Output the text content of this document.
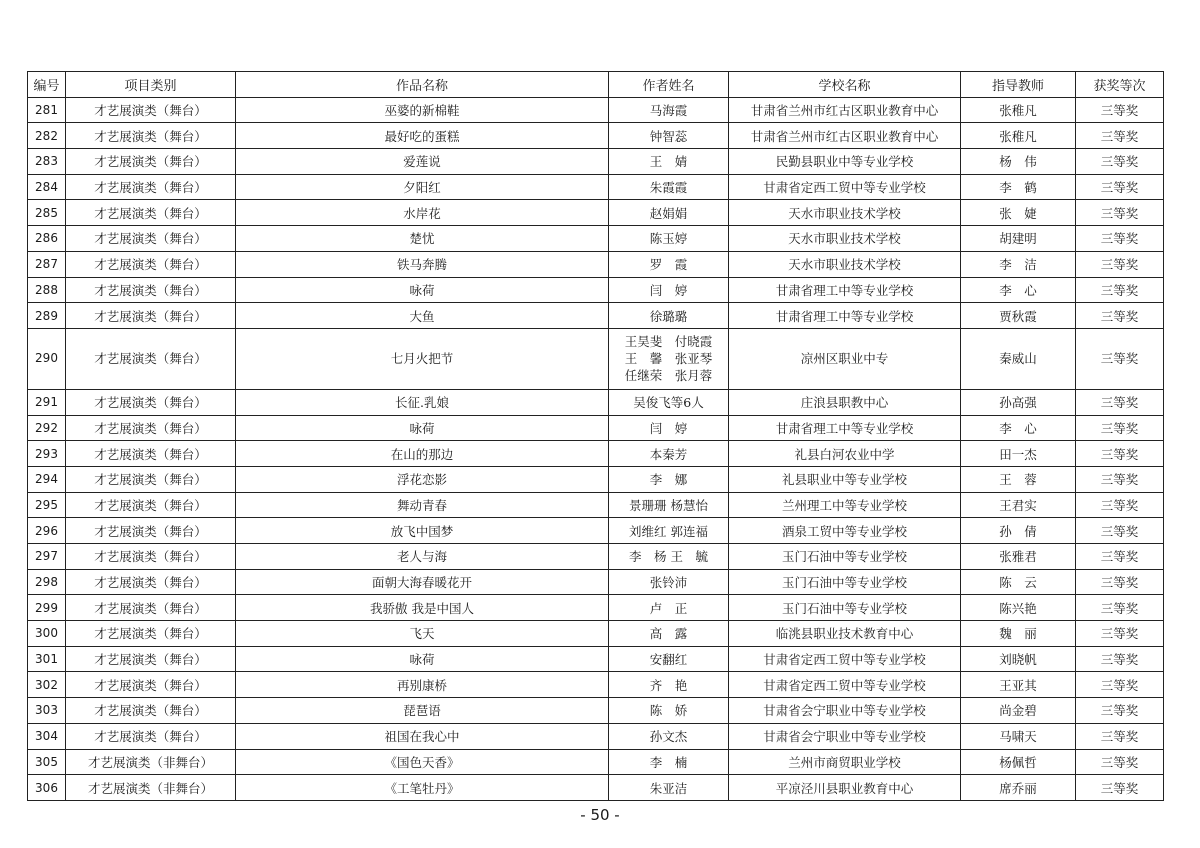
编号	项目类别	作品名称	作者姓名	学校名称	指导教师	获奖等次
281	才艺展演类（舞台）	巫婆的新棉鞋	马海霞	甘肃省兰州市红古区职业教育中心	张稚凡	三等奖
282	才艺展演类（舞台）	最好吃的蛋糕	钟智蕊	甘肃省兰州市红古区职业教育中心	张稚凡	三等奖
283	才艺展演类（舞台）	爱莲说	王　婧	民勤县职业中等专业学校	杨　伟	三等奖
284	才艺展演类（舞台）	夕阳红	朱霞霞	甘肃省定西工贸中等专业学校	李　鹤	三等奖
285	才艺展演类（舞台）	水岸花	赵娟娟	天水市职业技术学校	张　婕	三等奖
286	才艺展演类（舞台）	楚忧	陈玉婷	天水市职业技术学校	胡建明	三等奖
287	才艺展演类（舞台）	铁马奔腾	罗　霞	天水市职业技术学校	李　洁	三等奖
288	才艺展演类（舞台）	咏荷	闫　婷	甘肃省理工中等专业学校	李　心	三等奖
289	才艺展演类（舞台）	大鱼	徐璐璐	甘肃省理工中等专业学校	贾秋霞	三等奖
290	才艺展演类（舞台）	七月火把节	王昊斐　付晓霞
王　馨　张亚琴
任继荣　张月蓉	凉州区职业中专	秦威山	三等奖
291	才艺展演类（舞台）	长征.乳娘	吴俊飞等6人	庄浪县职教中心	孙高强	三等奖
292	才艺展演类（舞台）	咏荷	闫　婷	甘肃省理工中等专业学校	李　心	三等奖
293	才艺展演类（舞台）	在山的那边	本秦芳	礼县白河农业中学	田一杰	三等奖
294	才艺展演类（舞台）	浮花恋影	李　娜	礼县职业中等专业学校	王　蓉	三等奖
295	才艺展演类（舞台）	舞动青春	景珊珊 杨慧怡	兰州理工中等专业学校	王君实	三等奖
296	才艺展演类（舞台）	放飞中国梦	刘维红 郭连福	酒泉工贸中等专业学校	孙　倩	三等奖
297	才艺展演类（舞台）	老人与海	李　杨 王　毓	玉门石油中等专业学校	张雅君	三等奖
298	才艺展演类（舞台）	面朝大海春暖花开	张铃沛	玉门石油中等专业学校	陈　云	三等奖
299	才艺展演类（舞台）	我骄傲 我是中国人	卢　正	玉门石油中等专业学校	陈兴艳	三等奖
300	才艺展演类（舞台）	飞天	高　露	临洮县职业技术教育中心	魏　丽	三等奖
301	才艺展演类（舞台）	咏荷	安翻红	甘肃省定西工贸中等专业学校	刘晓帆	三等奖
302	才艺展演类（舞台）	再别康桥	齐　艳	甘肃省定西工贸中等专业学校	王亚其	三等奖
303	才艺展演类（舞台）	琵琶语	陈　娇	甘肃省会宁职业中等专业学校	尚金碧	三等奖
304	才艺展演类（舞台）	祖国在我心中	孙文杰	甘肃省会宁职业中等专业学校	马啸天	三等奖
305	才艺展演类（非舞台）	《国色天香》	李　楠	兰州市商贸职业学校	杨佩哲	三等奖
306	才艺展演类（非舞台）	《工笔牡丹》	朱亚洁	平凉泾川县职业教育中心	席乔丽	三等奖
- 50 -
